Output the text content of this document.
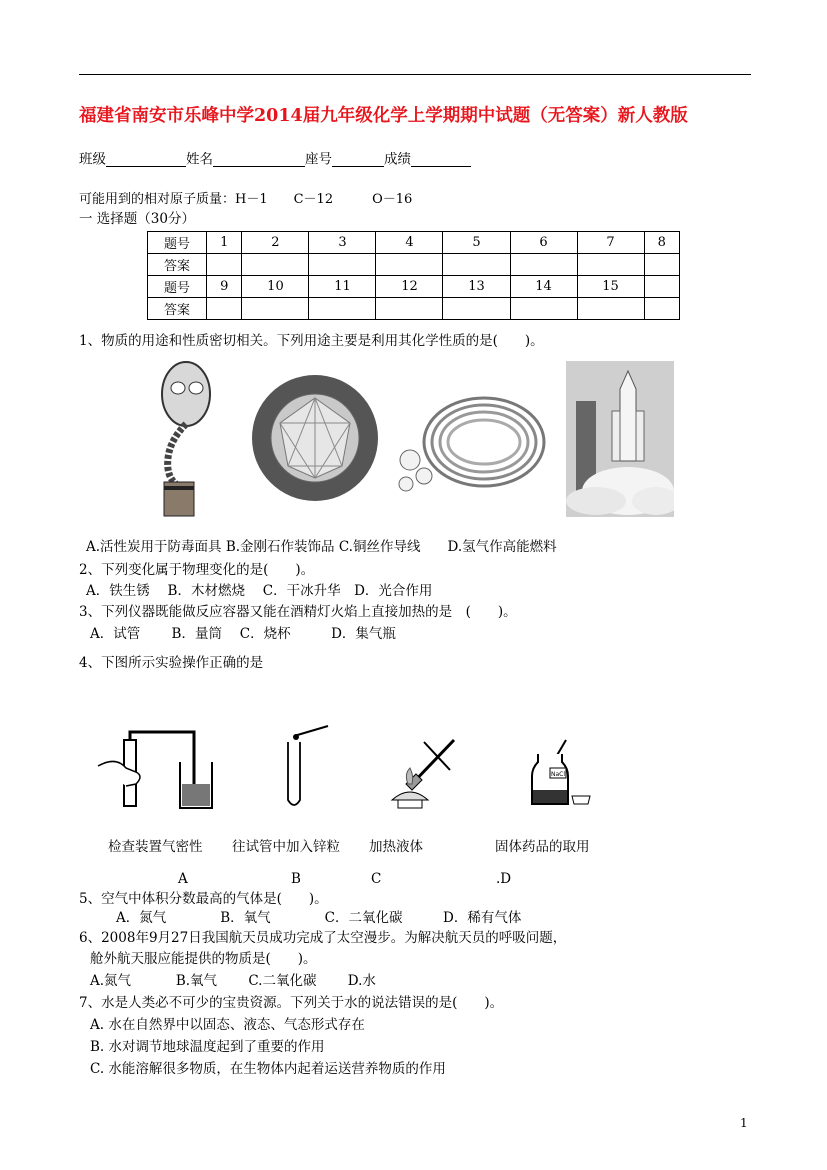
福建省南安市乐峰中学2014届九年级化学上学期期中试题（无答案）新人教版
班级	姓名	座号	成绩
可能用到的相对原子质量：H－1　　C－12　　　O－16
一 选择题（30分）
题号	1	2	3	4	5	6	7	8
答案								
题号	9	10	11	12	13	14	15	
答案								
1、物质的用途和性质密切相关。下列用途主要是利用其化学性质的是(　　)。
A.活性炭用于防毒面具 B.金刚石作装饰品 C.铜丝作导线　　D.氢气作高能燃料
2、下列变化属于物理变化的是(　　)。
A．铁生锈　 B．木材燃烧　 C．干冰升华　D．光合作用
3、下列仪器既能做反应容器又能在酒精灯火焰上直接加热的是　(　　)。
A．试管　　 B．量筒　 C．烧杯　　　D．集气瓶
4、下图所示实验操作正确的是
NaCl
检查装置气密性 往试管中加入锌粒 加热液体	固体药品的取用
A	B	C	.D
5、空气中体积分数最高的气体是(　　)。
A．氮气　　　　B．氧气　　　　C．二氧化碳　　　D．稀有气体
6、2008年9月27日我国航天员成功完成了太空漫步。为解决航天员的呼吸问题，
舱外航天服应能提供的物质是(　　)。
A.氮气　　　 B.氧气　　 C.二氧化碳　　 D.水
7、水是人类必不可少的宝贵资源。下列关于水的说法错误的是(　　)。
A. 水在自然界中以固态、液态、气态形式存在
B. 水对调节地球温度起到了重要的作用
C. 水能溶解很多物质，在生物体内起着运送营养物质的作用
1
